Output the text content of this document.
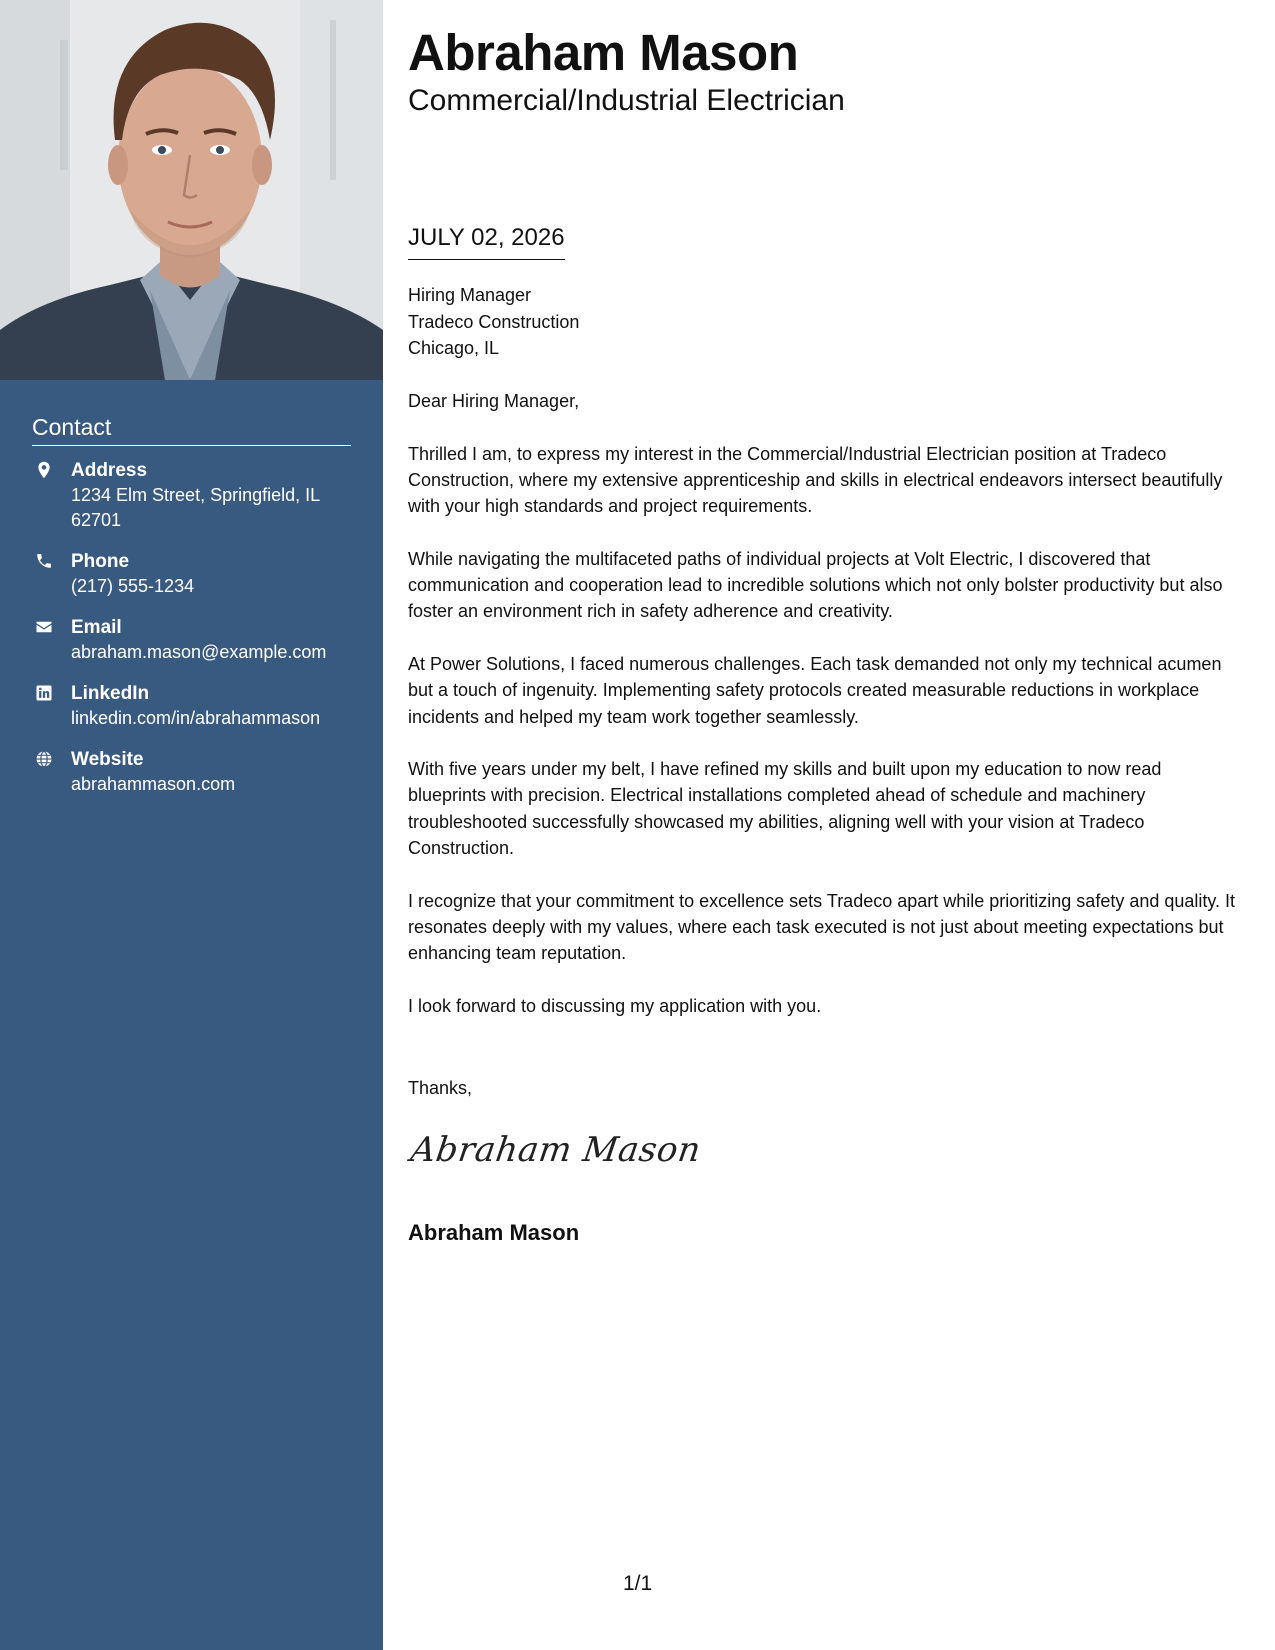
Contact
Address
1234 Elm Street, Springfield, IL 62701
Phone
(217) 555-1234
Email
abraham.mason@example.com
LinkedIn
linkedin.com/in/abrahammason
Website
abrahammason.com
Abraham Mason
Commercial/Industrial Electrician
JULY 02, 2026
Hiring Manager
Tradeco Construction
Chicago, IL

Dear Hiring Manager,

Thrilled I am, to express my interest in the Commercial/Industrial Electrician position at Tradeco Construction, where my extensive apprenticeship and skills in electrical endeavors intersect beautifully with your high standards and project requirements.

While navigating the multifaceted paths of individual projects at Volt Electric, I discovered that communication and cooperation lead to incredible solutions which not only bolster productivity but also foster an environment rich in safety adherence and creativity.

At Power Solutions, I faced numerous challenges. Each task demanded not only my technical acumen but a touch of ingenuity. Implementing safety protocols created measurable reductions in workplace incidents and helped my team work together seamlessly.

With five years under my belt, I have refined my skills and built upon my education to now read blueprints with precision. Electrical installations completed ahead of schedule and machinery troubleshooted successfully showcased my abilities, aligning well with your vision at Tradeco Construction.

I recognize that your commitment to excellence sets Tradeco apart while prioritizing safety and quality. It resonates deeply with my values, where each task executed is not just about meeting expectations but enhancing team reputation.

I look forward to discussing my application with you.

Thanks,
Abraham Mason
Abraham Mason
1/1
